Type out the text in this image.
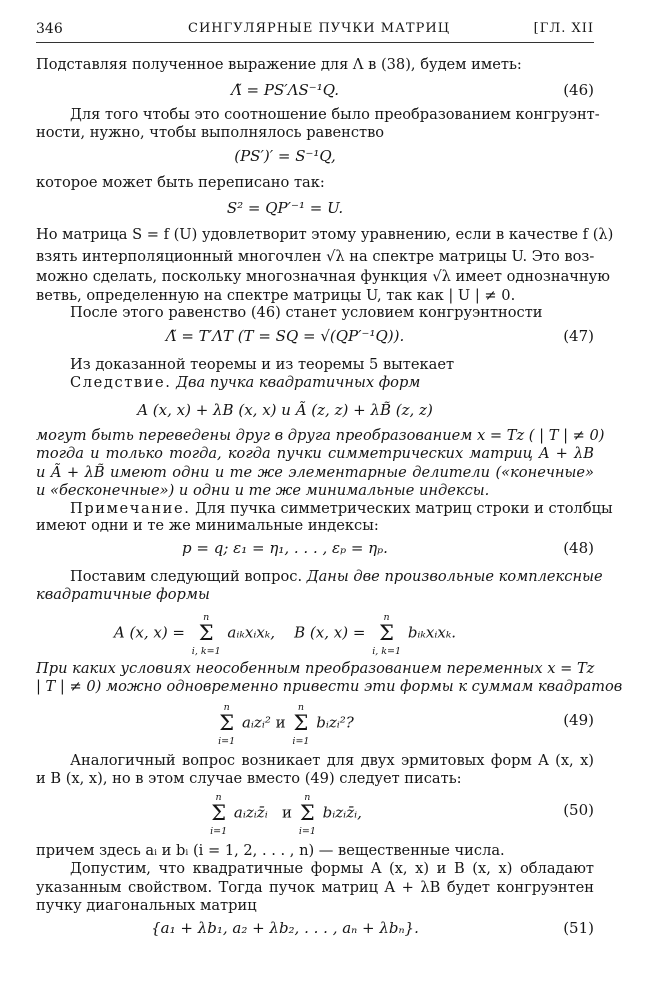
346	СИНГУЛЯРНЫЕ ПУЧКИ МАТРИЦ	[ГЛ. XII
Подставляя полученное выражение для Λ в (38), будем иметь:
Λ̃ = PS′ΛS⁻¹Q.	(46)
Для того чтобы это соотношение было преобразованием конгруэнт-
ности, нужно, чтобы выполнялось равенство
(PS′)′ = S⁻¹Q,
которое может быть переписано так:
S² = QP′⁻¹ = U.
Но матрица S = f (U) удовлетворит этому уравнению, если в качестве f (λ)
взять интерполяционный многочлен √λ на спектре матрицы U. Это воз-
можно сделать, поскольку многозначная функция √λ имеет однозначную
ветвь, определенную на спектре матрицы U, так как | U | ≠ 0.
После этого равенство (46) станет условием конгруэнтности
Λ̃ = T′ΛT (T = SQ = √(QP′⁻¹Q)).	(47)
Из доказанной теоремы и из теоремы 5 вытекает
Следствие. Два пучка квадратичных форм
A (x, x) + λB (x, x) и Ã (z, z) + λB̃ (z, z)
могут быть переведены друг в друга преобразованием x = Tz ( | T | ≠ 0)
тогда и только тогда, когда пучки симметрических матриц A + λB
и Ã + λB̃ имеют одни и те же элементарные делители («конечные»
и «бесконечные») и одни и те же минимальные индексы.
Примечание. Для пучка симметрических матриц строки и столбцы
имеют одни и те же минимальные индексы:
p = q; ε₁ = η₁, . . . , εₚ = ηₚ.	(48)
Поставим следующий вопрос. Даны две произвольные комплексные
квадратичные формы
A (x, x) = n
Σ
i, k=1 aᵢₖxᵢxₖ, B (x, x) = n
Σ
i, k=1 bᵢₖxᵢxₖ.
При каких условиях неособенным преобразованием переменных x = Tz
| T | ≠ 0) можно одновременно привести эти формы к суммам квадратов
n
Σ
i=1 aᵢzᵢ² и n
Σ
i=1 bᵢzᵢ²?	(49)
Аналогичный вопрос возникает для двух эрмитовых форм A (x, x)
и B (x, x), но в этом случае вместо (49) следует писать:
n
Σ
i=1 aᵢzᵢz̄ᵢ и n
Σ
i=1 bᵢzᵢz̄ᵢ,	(50)
причем здесь aᵢ и bᵢ (i = 1, 2, . . . , n) — вещественные числа.
Допустим, что квадратичные формы A (x, x) и B (x, x) обладают
указанным свойством. Тогда пучок матриц A + λB будет конгруэнтен
пучку диагональных матриц
{a₁ + λb₁, a₂ + λb₂, . . . , aₙ + λbₙ}.	(51)
